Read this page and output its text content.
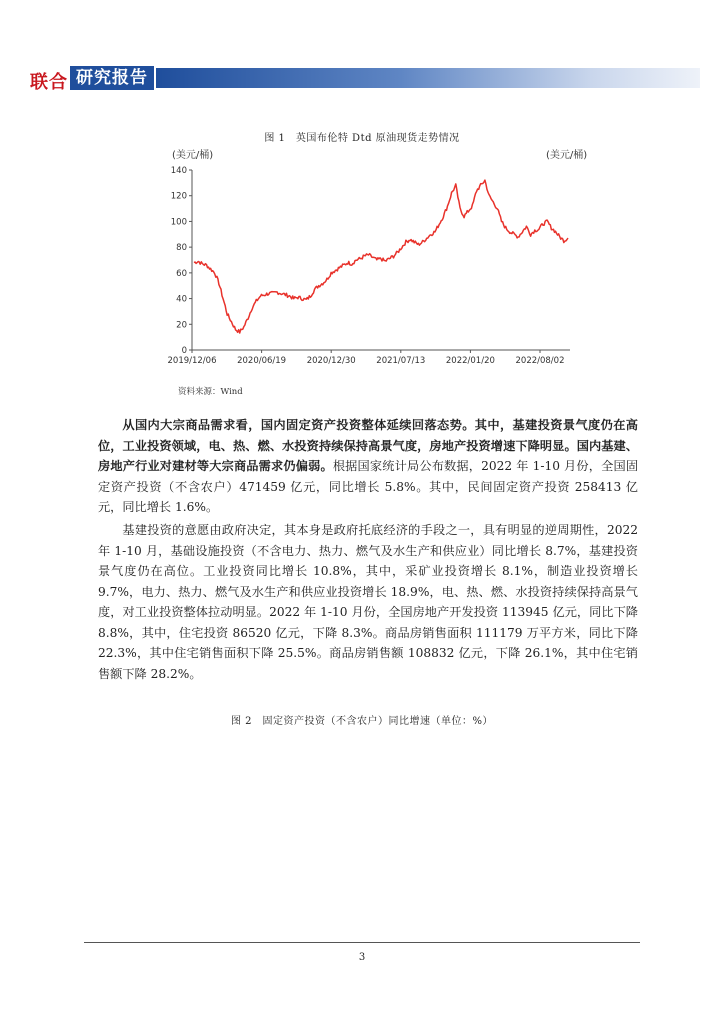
联合 研究报告
图 1　英国布伦特 Dtd 原油现货走势情况
(美元/桶)	(美元/桶)
0
20
40
60
80
100
120
140
2019/12/06 2020/06/19 2020/12/30 2021/07/13 2022/01/20 2022/08/02
资料来源：Wind

从国内大宗商品需求看，国内固定资产投资整体延续回落态势。其中，基建投资景气度仍在高位，工业投资领域，电、热、燃、水投资持续保持高景气度，房地产投资增速下降明显。国内基建、房地产行业对建材等大宗商品需求仍偏弱。根据国家统计局公布数据，2022 年 1-10 月份，全国固定资产投资（不含农户）471459 亿元，同比增长 5.8%。其中，民间固定资产投资 258413 亿元，同比增长 1.6%。

基建投资的意愿由政府决定，其本身是政府托底经济的手段之一，具有明显的逆周期性，2022 年 1-10 月，基础设施投资（不含电力、热力、燃气及水生产和供应业）同比增长 8.7%，基建投资景气度仍在高位。工业投资同比增长 10.8%，其中，采矿业投资增长 8.1%，制造业投资增长 9.7%，电力、热力、燃气及水生产和供应业投资增长 18.9%，电、热、燃、水投资持续保持高景气度，对工业投资整体拉动明显。2022 年 1-10 月份，全国房地产开发投资 113945 亿元，同比下降 8.8%，其中，住宅投资 86520 亿元，下降 8.3%。商品房销售面积 111179 万平方米，同比下降 22.3%，其中住宅销售面积下降 25.5%。商品房销售额 108832 亿元，下降 26.1%，其中住宅销售额下降 28.2%。

图 2　固定资产投资（不含农户）同比增速（单位：%）
3
